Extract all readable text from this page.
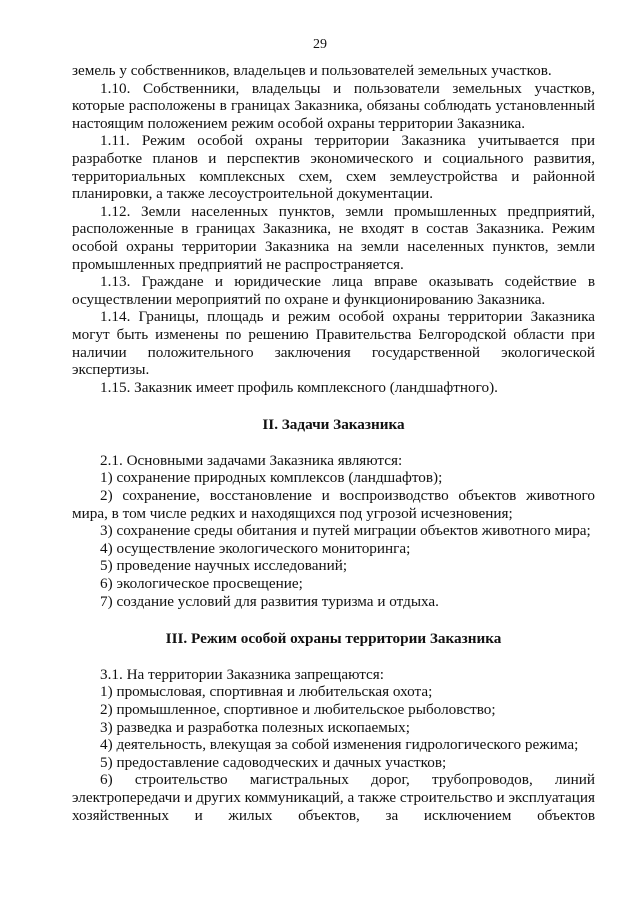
29

земель у собственников, владельцев и пользователей земельных участков.

1.10. Собственники, владельцы и пользователи земельных участков, которые расположены в границах Заказника, обязаны соблюдать установленный настоящим положением режим особой охраны территории Заказника.

1.11. Режим особой охраны территории Заказника учитывается при разработке планов и перспектив экономического и социального развития, территориальных комплексных схем, схем землеустройства и районной планировки, а также лесоустроительной документации.

1.12. Земли населенных пунктов, земли промышленных предприятий, расположенные в границах Заказника, не входят в состав Заказника. Режим особой охраны территории Заказника на земли населенных пунктов, земли промышленных предприятий не распространяется.

1.13. Граждане и юридические лица вправе оказывать содействие в осуществлении мероприятий по охране и функционированию Заказника.

1.14. Границы, площадь и режим особой охраны территории Заказника могут быть изменены по решению Правительства Белгородской области при наличии положительного заключения государственной экологической экспертизы.

1.15. Заказник имеет профиль комплексного (ландшафтного).

II. Задачи Заказника

2.1. Основными задачами Заказника являются:

1) сохранение природных комплексов (ландшафтов);

2) сохранение, восстановление и воспроизводство объектов животного мира, в том числе редких и находящихся под угрозой исчезновения;

3) сохранение среды обитания и путей миграции объектов животного мира;

4) осуществление экологического мониторинга;

5) проведение научных исследований;

6) экологическое просвещение;

7) создание условий для развития туризма и отдыха.

III. Режим особой охраны территории Заказника

3.1. На территории Заказника запрещаются:

1) промысловая, спортивная и любительская охота;

2) промышленное, спортивное и любительское рыболовство;

3) разведка и разработка полезных ископаемых;

4) деятельность, влекущая за собой изменения гидрологического режима;

5) предоставление садоводческих и дачных участков;

6) строительство магистральных дорог, трубопроводов, линий электропередачи и других коммуникаций, а также строительство и эксплуатация хозяйственных и жилых объектов, за исключением объектов
